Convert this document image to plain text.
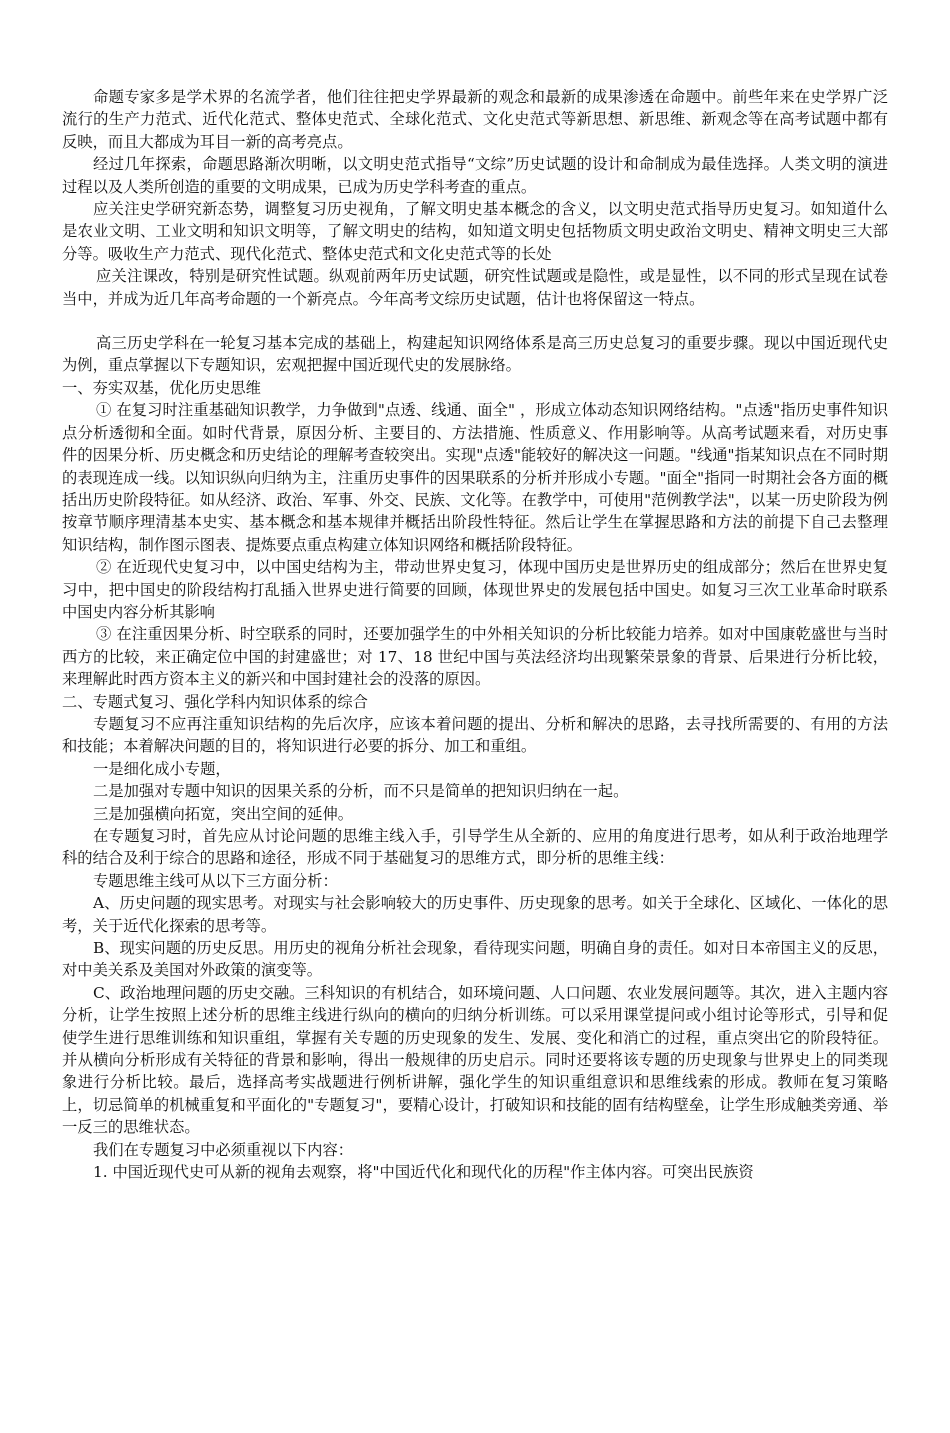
命题专家多是学术界的名流学者，他们往往把史学界最新的观念和最新的成果渗透在命题中。前些年来在史学界广泛流行的生产力范式、近代化范式、整体史范式、全球化范式、文化史范式等新思想、新思维、新观念等在高考试题中都有反映，而且大都成为耳目一新的高考亮点。

经过几年探索，命题思路渐次明晰，以文明史范式指导“文综”历史试题的设计和命制成为最佳选择。人类文明的演进过程以及人类所创造的重要的文明成果，已成为历史学科考查的重点。

应关注史学研究新态势，调整复习历史视角，了解文明史基本概念的含义，以文明史范式指导历史复习。如知道什么是农业文明、工业文明和知识文明等，了解文明史的结构，如知道文明史包括物质文明史政治文明史、精神文明史三大部分等。吸收生产力范式、现代化范式、整体史范式和文化史范式等的长处

应关注课改，特别是研究性试题。纵观前两年历史试题，研究性试题或是隐性，或是显性，以不同的形式呈现在试卷当中，并成为近几年高考命题的一个新亮点。今年高考文综历史试题，估计也将保留这一特点。

高三历史学科在一轮复习基本完成的基础上，构建起知识网络体系是高三历史总复习的重要步骤。现以中国近现代史为例，重点掌握以下专题知识，宏观把握中国近现代史的发展脉络。

一、夯实双基，优化历史思维

① 在复习时注重基础知识教学，力争做到"点透、线通、面全" ，形成立体动态知识网络结构。"点透"指历史事件知识点分析透彻和全面。如时代背景，原因分析、主要目的、方法措施、性质意义、作用影响等。从高考试题来看，对历史事件的因果分析、历史概念和历史结论的理解考查较突出。实现"点透"能较好的解决这一问题。"线通"指某知识点在不同时期的表现连成一线。以知识纵向归纳为主，注重历史事件的因果联系的分析并形成小专题。"面全"指同一时期社会各方面的概括出历史阶段特征。如从经济、政治、军事、外交、民族、文化等。在教学中，可使用"范例教学法"，以某一历史阶段为例按章节顺序理清基本史实、基本概念和基本规律并概括出阶段性特征。然后让学生在掌握思路和方法的前提下自己去整理知识结构，制作图示图表、提炼要点重点构建立体知识网络和概括阶段特征。

② 在近现代史复习中，以中国史结构为主，带动世界史复习，体现中国历史是世界历史的组成部分；然后在世界史复习中，把中国史的阶段结构打乱插入世界史进行简要的回顾，体现世界史的发展包括中国史。如复习三次工业革命时联系中国史内容分析其影响

③ 在注重因果分析、时空联系的同时，还要加强学生的中外相关知识的分析比较能力培养。如对中国康乾盛世与当时西方的比较，来正确定位中国的封建盛世；对 17、18 世纪中国与英法经济均出现繁荣景象的背景、后果进行分析比较，来理解此时西方资本主义的新兴和中国封建社会的没落的原因。

二、专题式复习、强化学科内知识体系的综合

专题复习不应再注重知识结构的先后次序，应该本着问题的提出、分析和解决的思路，去寻找所需要的、有用的方法和技能；本着解决问题的目的，将知识进行必要的拆分、加工和重组。

一是细化成小专题，

二是加强对专题中知识的因果关系的分析，而不只是简单的把知识归纳在一起。

三是加强横向拓宽，突出空间的延伸。

在专题复习时，首先应从讨论问题的思维主线入手，引导学生从全新的、应用的角度进行思考，如从利于政治地理学科的结合及利于综合的思路和途径，形成不同于基础复习的思维方式，即分析的思维主线：

专题思维主线可从以下三方面分析：

A、历史问题的现实思考。对现实与社会影响较大的历史事件、历史现象的思考。如关于全球化、区域化、一体化的思考，关于近代化探索的思考等。

B、现实问题的历史反思。用历史的视角分析社会现象，看待现实问题，明确自身的责任。如对日本帝国主义的反思，对中美关系及美国对外政策的演变等。

C、政治地理问题的历史交融。三科知识的有机结合，如环境问题、人口问题、农业发展问题等。其次，进入主题内容分析，让学生按照上述分析的思维主线进行纵向的横向的归纳分析训练。可以采用课堂提问或小组讨论等形式，引导和促使学生进行思维训练和知识重组，掌握有关专题的历史现象的发生、发展、变化和消亡的过程，重点突出它的阶段特征。并从横向分析形成有关特征的背景和影响，得出一般规律的历史启示。同时还要将该专题的历史现象与世界史上的同类现象进行分析比较。最后，选择高考实战题进行例析讲解，强化学生的知识重组意识和思维线索的形成。教师在复习策略上，切忌简单的机械重复和平面化的"专题复习"，要精心设计，打破知识和技能的固有结构壁垒，让学生形成触类旁通、举一反三的思维状态。

我们在专题复习中必须重视以下内容：

1. 中国近现代史可从新的视角去观察，将"中国近代化和现代化的历程"作主体内容。可突出民族资
